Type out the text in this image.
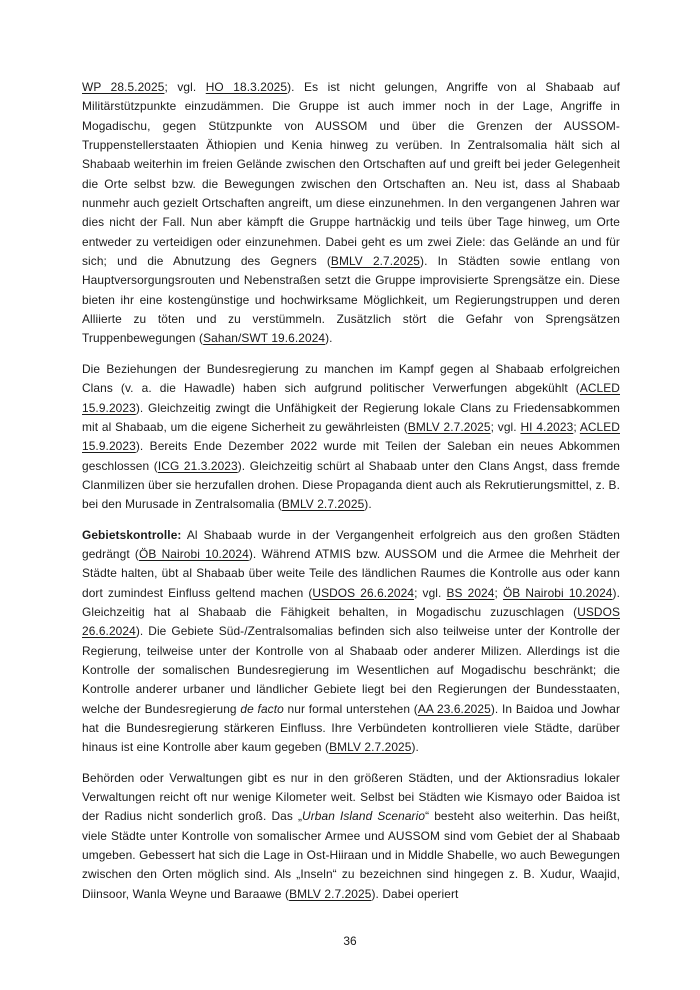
WP 28.5.2025; vgl. HO 18.3.2025). Es ist nicht gelungen, Angriffe von al Shabaab auf Militärstützpunkte einzudämmen. Die Gruppe ist auch immer noch in der Lage, Angriffe in Mogadischu, gegen Stützpunkte von AUSSOM und über die Grenzen der AUSSOM-Truppenstellerstaaten Äthiopien und Kenia hinweg zu verüben. In Zentralsomalia hält sich al Shabaab weiterhin im freien Gelände zwischen den Ortschaften auf und greift bei jeder Gelegenheit die Orte selbst bzw. die Bewegungen zwischen den Ortschaften an. Neu ist, dass al Shabaab nunmehr auch gezielt Ortschaften angreift, um diese einzunehmen. In den vergangenen Jahren war dies nicht der Fall. Nun aber kämpft die Gruppe hartnäckig und teils über Tage hinweg, um Orte entweder zu verteidigen oder einzunehmen. Dabei geht es um zwei Ziele: das Gelände an und für sich; und die Abnutzung des Gegners (BMLV 2.7.2025). In Städten sowie entlang von Hauptversorgungsrouten und Nebenstraßen setzt die Gruppe improvisierte Sprengsätze ein. Diese bieten ihr eine kostengünstige und hochwirksame Möglichkeit, um Regierungstruppen und deren Alliierte zu töten und zu verstümmeln. Zusätzlich stört die Gefahr von Sprengsätzen Truppenbewegungen (Sahan/SWT 19.6.2024).

Die Beziehungen der Bundesregierung zu manchen im Kampf gegen al Shabaab erfolgreichen Clans (v. a. die Hawadle) haben sich aufgrund politischer Verwerfungen abgekühlt (ACLED 15.9.2023). Gleichzeitig zwingt die Unfähigkeit der Regierung lokale Clans zu Friedensabkommen mit al Shabaab, um die eigene Sicherheit zu gewährleisten (BMLV 2.7.2025; vgl. HI 4.2023; ACLED 15.9.2023). Bereits Ende Dezember 2022 wurde mit Teilen der Saleban ein neues Abkommen geschlossen (ICG 21.3.2023). Gleichzeitig schürt al Shabaab unter den Clans Angst, dass fremde Clanmilizen über sie herzufallen drohen. Diese Propaganda dient auch als Rekrutierungsmittel, z. B. bei den Murusade in Zentralsomalia (BMLV 2.7.2025).

Gebietskontrolle: Al Shabaab wurde in der Vergangenheit erfolgreich aus den großen Städten gedrängt (ÖB Nairobi 10.2024). Während ATMIS bzw. AUSSOM und die Armee die Mehrheit der Städte halten, übt al Shabaab über weite Teile des ländlichen Raumes die Kontrolle aus oder kann dort zumindest Einfluss geltend machen (USDOS 26.6.2024; vgl. BS 2024; ÖB Nairobi 10.2024). Gleichzeitig hat al Shabaab die Fähigkeit behalten, in Mogadischu zuzuschlagen (USDOS 26.6.2024). Die Gebiete Süd-/Zentralsomalias befinden sich also teilweise unter der Kontrolle der Regierung, teilweise unter der Kontrolle von al Shabaab oder anderer Milizen. Allerdings ist die Kontrolle der somalischen Bundesregierung im Wesentlichen auf Mogadischu beschränkt; die Kontrolle anderer urbaner und ländlicher Gebiete liegt bei den Regierungen der Bundesstaaten, welche der Bundesregierung de facto nur formal unterstehen (AA 23.6.2025). In Baidoa und Jowhar hat die Bundesregierung stärkeren Einfluss. Ihre Verbündeten kontrollieren viele Städte, darüber hinaus ist eine Kontrolle aber kaum gegeben (BMLV 2.7.2025).

Behörden oder Verwaltungen gibt es nur in den größeren Städten, und der Aktionsradius lokaler Verwaltungen reicht oft nur wenige Kilometer weit. Selbst bei Städten wie Kismayo oder Baidoa ist der Radius nicht sonderlich groß. Das „Urban Island Scenario“ besteht also weiterhin. Das heißt, viele Städte unter Kontrolle von somalischer Armee und AUSSOM sind vom Gebiet der al Shabaab umgeben. Gebessert hat sich die Lage in Ost-Hiiraan und in Middle Shabelle, wo auch Bewegungen zwischen den Orten möglich sind. Als „Inseln“ zu bezeichnen sind hingegen z. B. Xudur, Waajid, Diinsoor, Wanla Weyne und Baraawe (BMLV 2.7.2025). Dabei operiert

36
